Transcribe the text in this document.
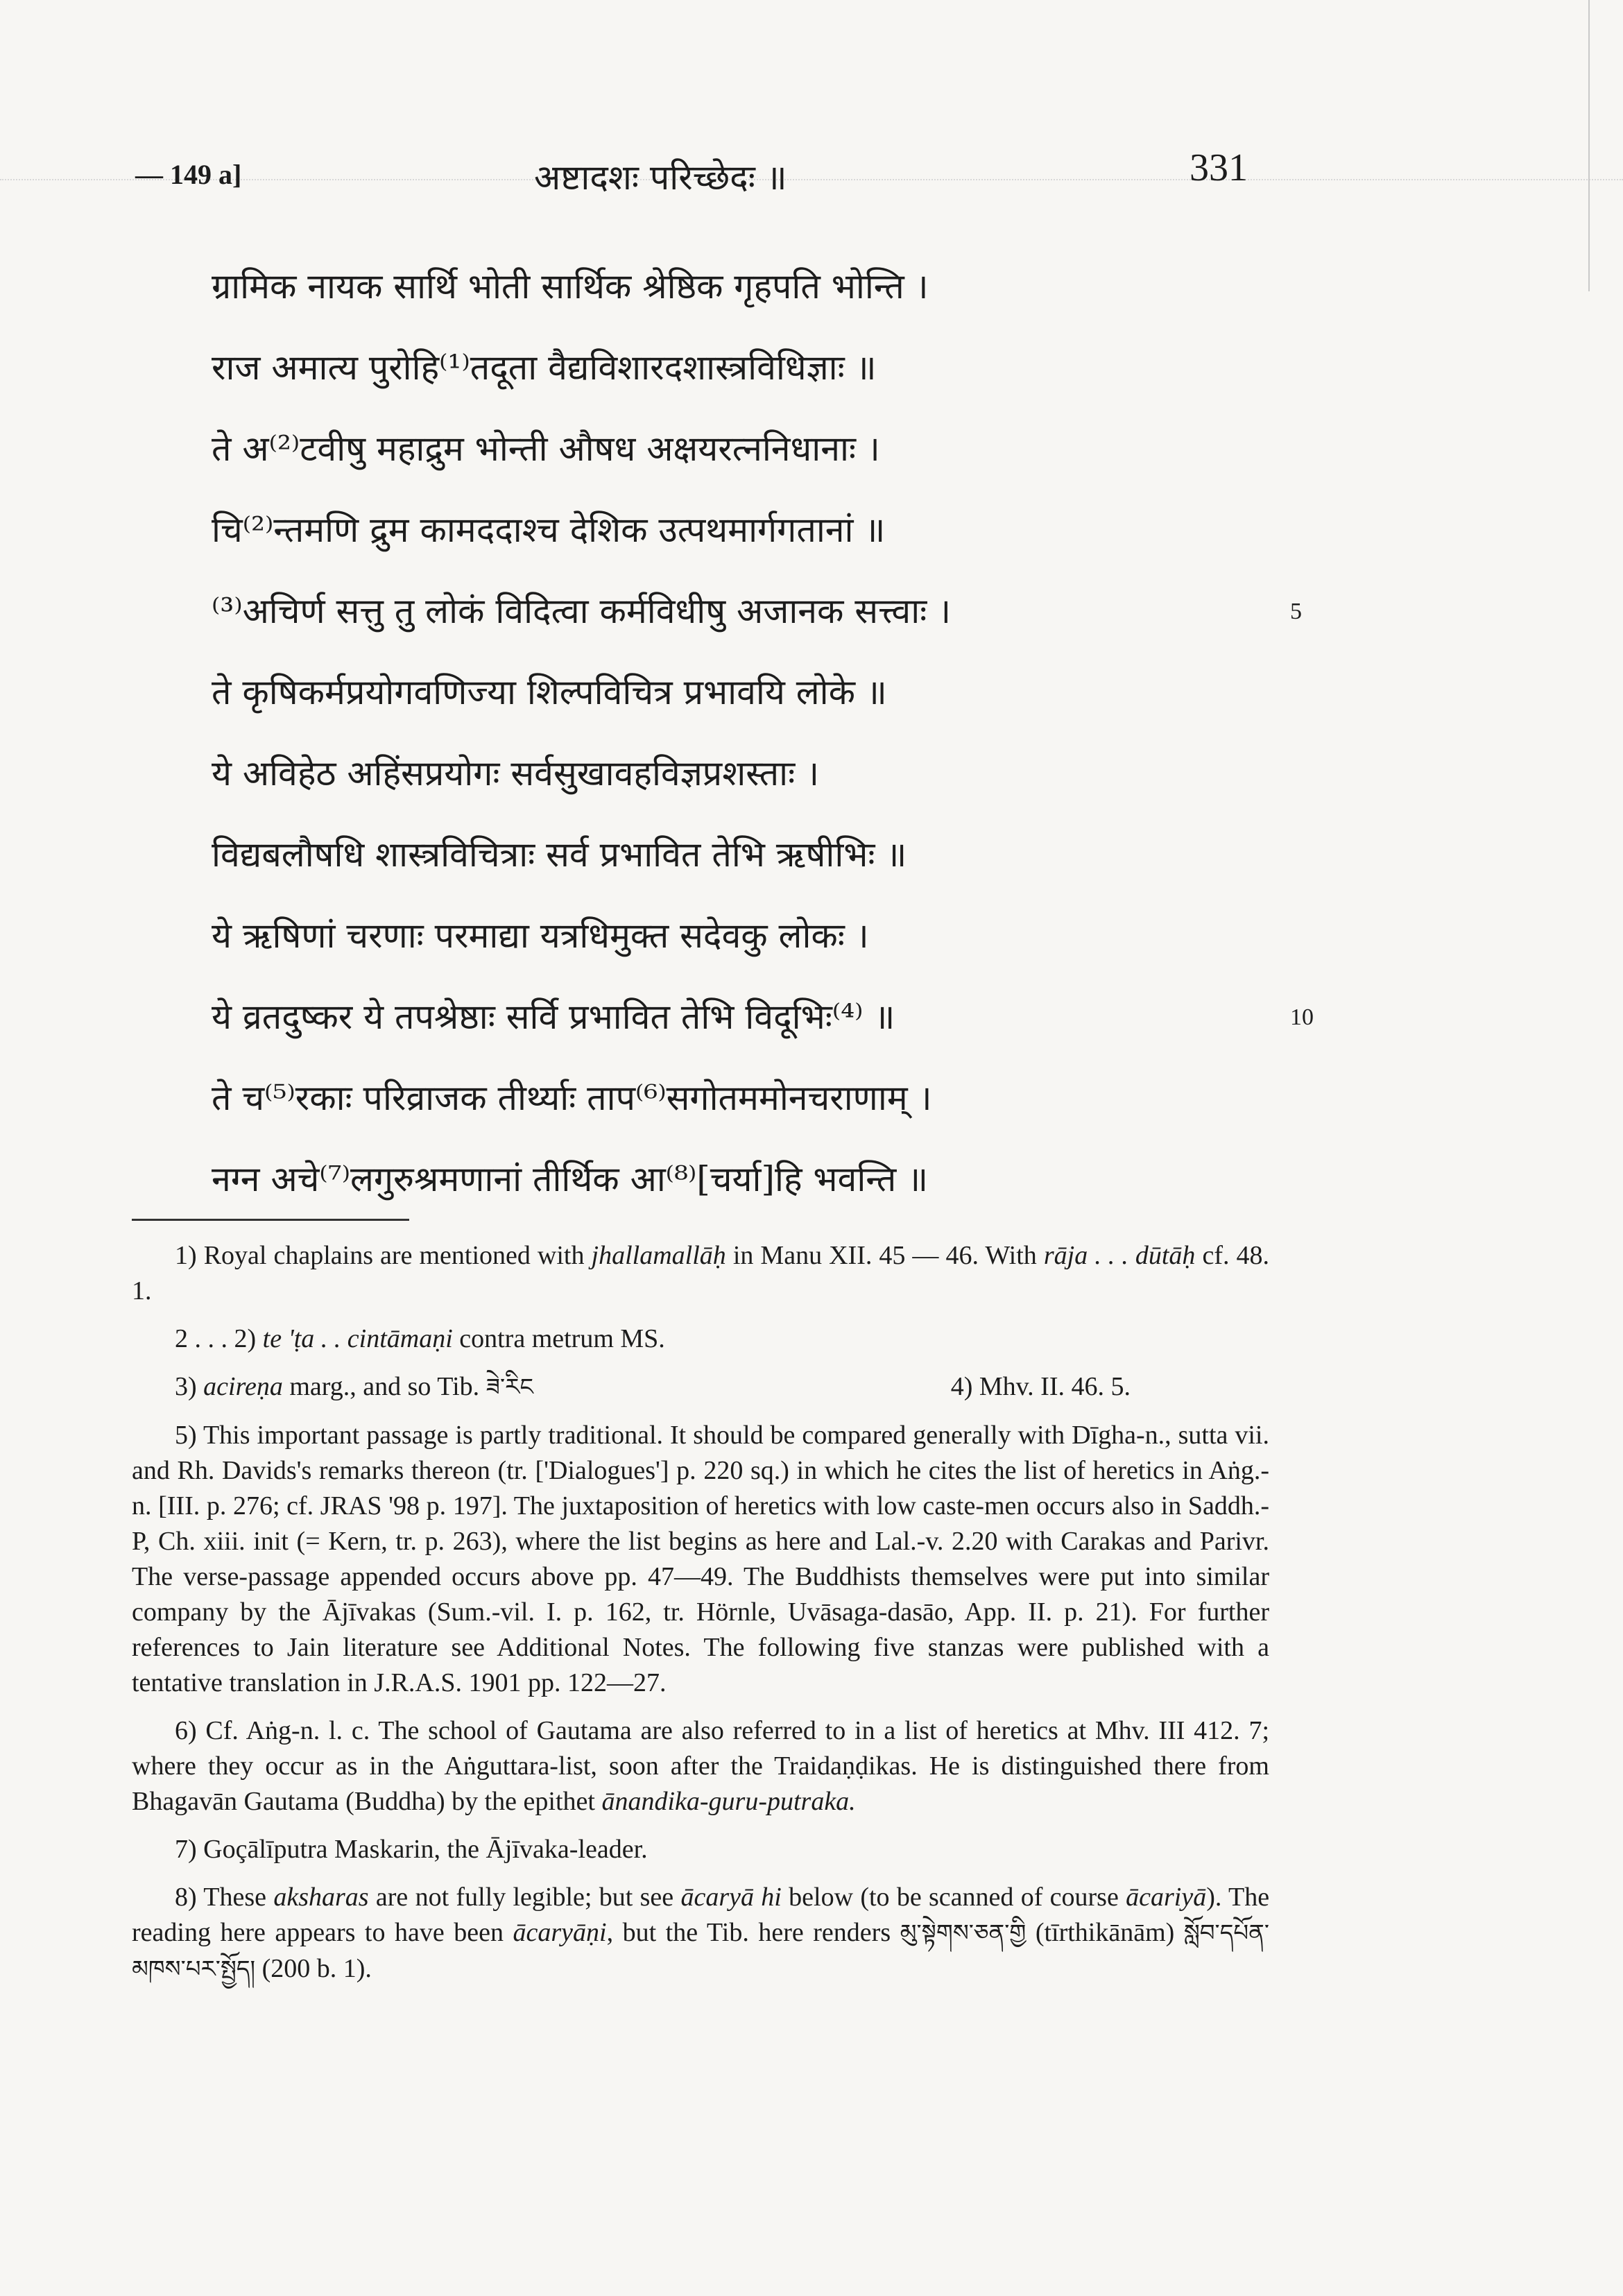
— 149 a]	अष्टादशः परिच्छेदः ॥	331
ग्रामिक नायक सार्थि भोती सार्थिक श्रेष्ठिक गृहपति भोन्ति ।
राज अमात्य पुरोहि⁽¹⁾तदूता वैद्यविशारदशास्त्रविधिज्ञाः ॥
ते अ⁽²⁾टवीषु महाद्रुम भोन्ती औषध अक्षयरत्ननिधानाः ।
चि⁽²⁾न्तमणि द्रुम कामददाश्च देशिक उत्पथमार्गगतानां ॥
⁽³⁾अचिर्ण सत्तु तु लोकं विदित्वा कर्मविधीषु अजानक सत्त्वाः ।	5
ते कृषिकर्मप्रयोगवणिज्या शिल्पविचित्र प्रभावयि लोके ॥
ये अविहेठ अहिंसप्रयोगः सर्वसुखावहविज्ञप्रशस्ताः ।
विद्यबलौषधि शास्त्रविचित्राः सर्व प्रभावित तेभि ऋषीभिः ॥
ये ऋषिणां चरणाः परमाद्या यत्रधिमुक्त सदेवकु लोकः ।
ये व्रतदुष्कर ये तपश्रेष्ठाः सर्वि प्रभावित तेभि विदूभिः⁽⁴⁾ ॥	10
ते च⁽⁵⁾रकाः परिव्राजक तीर्थ्याः ताप⁽⁶⁾सगोतममोनचराणाम् ।
नग्न अचे⁽⁷⁾लगुरुश्रमणानां तीर्थिक आ⁽⁸⁾[चर्या]हि भवन्ति ॥

1) Royal chaplains are mentioned with jhallamallāḥ in Manu XII. 45 — 46. With rāja . . . dūtāḥ cf. 48. 1.

2 . . . 2) te 'ṭa . . cintāmaṇi contra metrum MS.

3) acireṇa marg., and so Tib. ཟེ་རིང	4) Mhv. II. 46. 5.

5) This important passage is partly traditional. It should be compared generally with Dīgha-n., sutta vii. and Rh. Davids's remarks thereon (tr. ['Dialogues'] p. 220 sq.) in which he cites the list of heretics in Aṅg.-n. [III. p. 276; cf. JRAS '98 p. 197]. The juxtaposition of heretics with low caste-men occurs also in Saddh.-P, Ch. xiii. init (= Kern, tr. p. 263), where the list begins as here and Lal.-v. 2.20 with Carakas and Parivr. The verse-passage appended occurs above pp. 47—49. The Buddhists themselves were put into similar company by the Ājīvakas (Sum.-vil. I. p. 162, tr. Hörnle, Uvāsaga-dasāo, App. II. p. 21). For further references to Jain literature see Additional Notes. The following five stanzas were published with a tentative translation in J.R.A.S. 1901 pp. 122—27.

6) Cf. Aṅg-n. l. c. The school of Gautama are also referred to in a list of heretics at Mhv. III 412. 7; where they occur as in the Aṅguttara-list, soon after the Traidaṇḍikas. He is distinguished there from Bhagavān Gautama (Buddha) by the epithet ānandika-guru-putraka.

7) Goçālīputra Maskarin, the Ājīvaka-leader.

8) These aksharas are not fully legible; but see ācaryā hi below (to be scanned of course ācariyā). The reading here appears to have been ācaryāṇi, but the Tib. here renders མུ་སྟེགས་ཅན་གྱི (tīrthikānām) སློབ་དཔོན་མཁས་པར་སྤྱོད། (200 b. 1).
